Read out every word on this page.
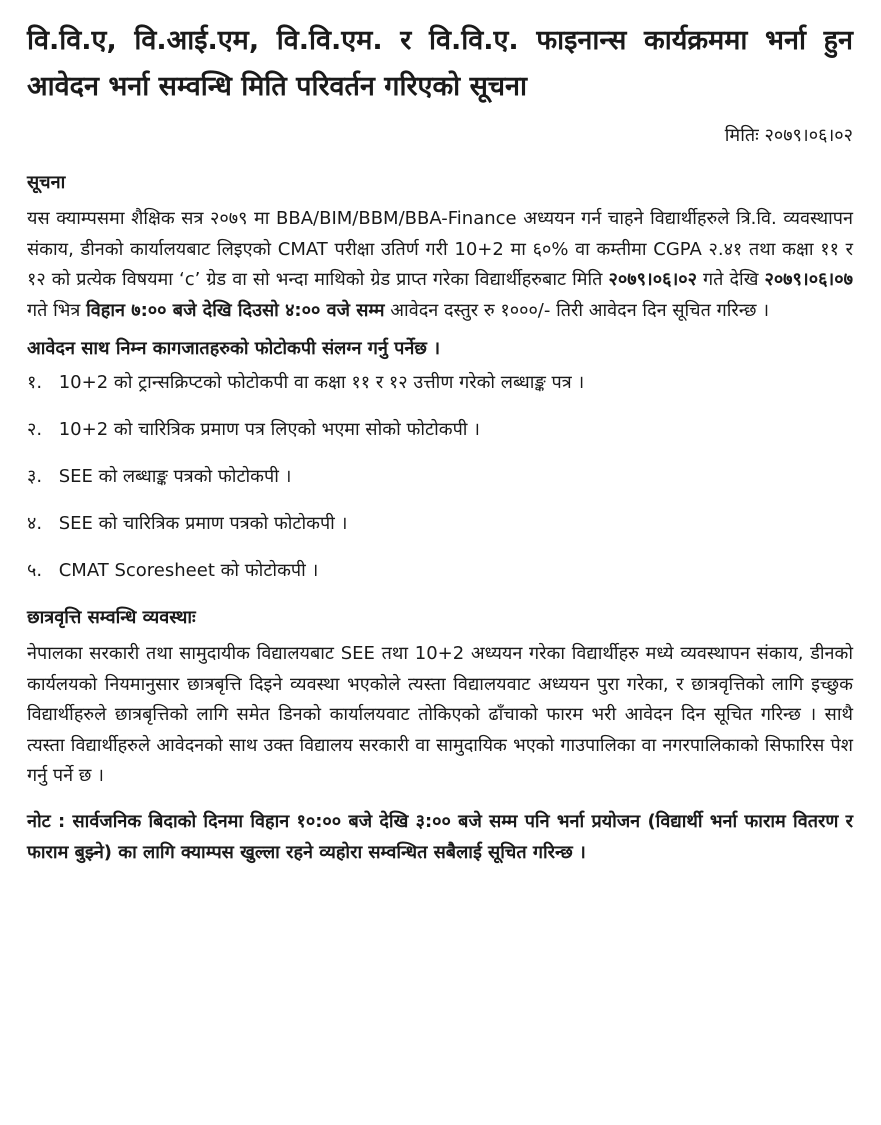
वि.वि.ए, वि.आई.एम, वि.वि.एम. र वि.वि.ए. फाइनान्स कार्यक्रममा भर्ना हुन आवेदन भर्ना सम्वन्धि मिति परिवर्तन गरिएको सूचना
मितिः २०७९।०६।०२
सूचना

यस क्याम्पसमा शैक्षिक सत्र २०७९ मा BBA/BIM/BBM/BBA-Finance अध्ययन गर्न चाहने विद्यार्थीहरुले त्रि.वि. व्यवस्थापन संकाय, डीनको कार्यालयबाट लिइएको CMAT परीक्षा उतिर्ण गरी 10+2 मा ६०% वा कम्तीमा CGPA २.४१ तथा कक्षा ११ र १२ को प्रत्येक विषयमा ‘c’ ग्रेड वा सो भन्दा माथिको ग्रेड प्राप्त गरेका विद्यार्थीहरुबाट मिति २०७९।०६।०२ गते देखि २०७९।०६।०७ गते भित्र विहान ७:०० बजे देखि दिउसो ४:०० वजे सम्म आवेदन दस्तुर रु १०००/- तिरी आवेदन दिन सूचित गरिन्छ ।

आवेदन साथ निम्न कागजातहरुको फोटोकपी संलग्न गर्नु पर्नेछ ।
१. 10+2 को ट्रान्सक्रिप्टको फोटोकपी वा कक्षा ११ र १२ उत्तीण गरेको लब्धाङ्क पत्र ।
२. 10+2 को चारित्रिक प्रमाण पत्र लिएको भएमा सोको फोटोकपी ।
३. SEE को लब्धाङ्क पत्रको फोटोकपी ।
४. SEE को चारित्रिक प्रमाण पत्रको फोटोकपी ।
५. CMAT Scoresheet को फोटोकपी ।
छात्रवृत्ति सम्वन्धि व्यवस्थाः

नेपालका सरकारी तथा सामुदायीक विद्यालयबाट SEE तथा 10+2 अध्ययन गरेका विद्यार्थीहरु मध्ये व्यवस्थापन संकाय, डीनको कार्यलयको नियमानुसार छात्रबृत्ति दिइने व्यवस्था भएकोले त्यस्ता विद्यालयवाट अध्ययन पुरा गरेका, र छात्रवृत्तिको लागि इच्छुक विद्यार्थीहरुले छात्रबृत्तिको लागि समेत डिनको कार्यालयवाट तोकिएको ढाँचाको फारम भरी आवेदन दिन सूचित गरिन्छ । साथै त्यस्ता विद्यार्थीहरुले आवेदनको साथ उक्त विद्यालय सरकारी वा सामुदायिक भएको गाउपालिका वा नगरपालिकाको सिफारिस पेश गर्नु पर्ने छ ।

नोट : सार्वजनिक बिदाको दिनमा विहान १०:०० बजे देखि ३:०० बजे सम्म पनि भर्ना प्रयोजन (विद्यार्थी भर्ना फाराम वितरण र फाराम बुझ्ने) का लागि क्याम्पस खुल्ला रहने व्यहोरा सम्वन्धित सबैलाई सूचित गरिन्छ ।
